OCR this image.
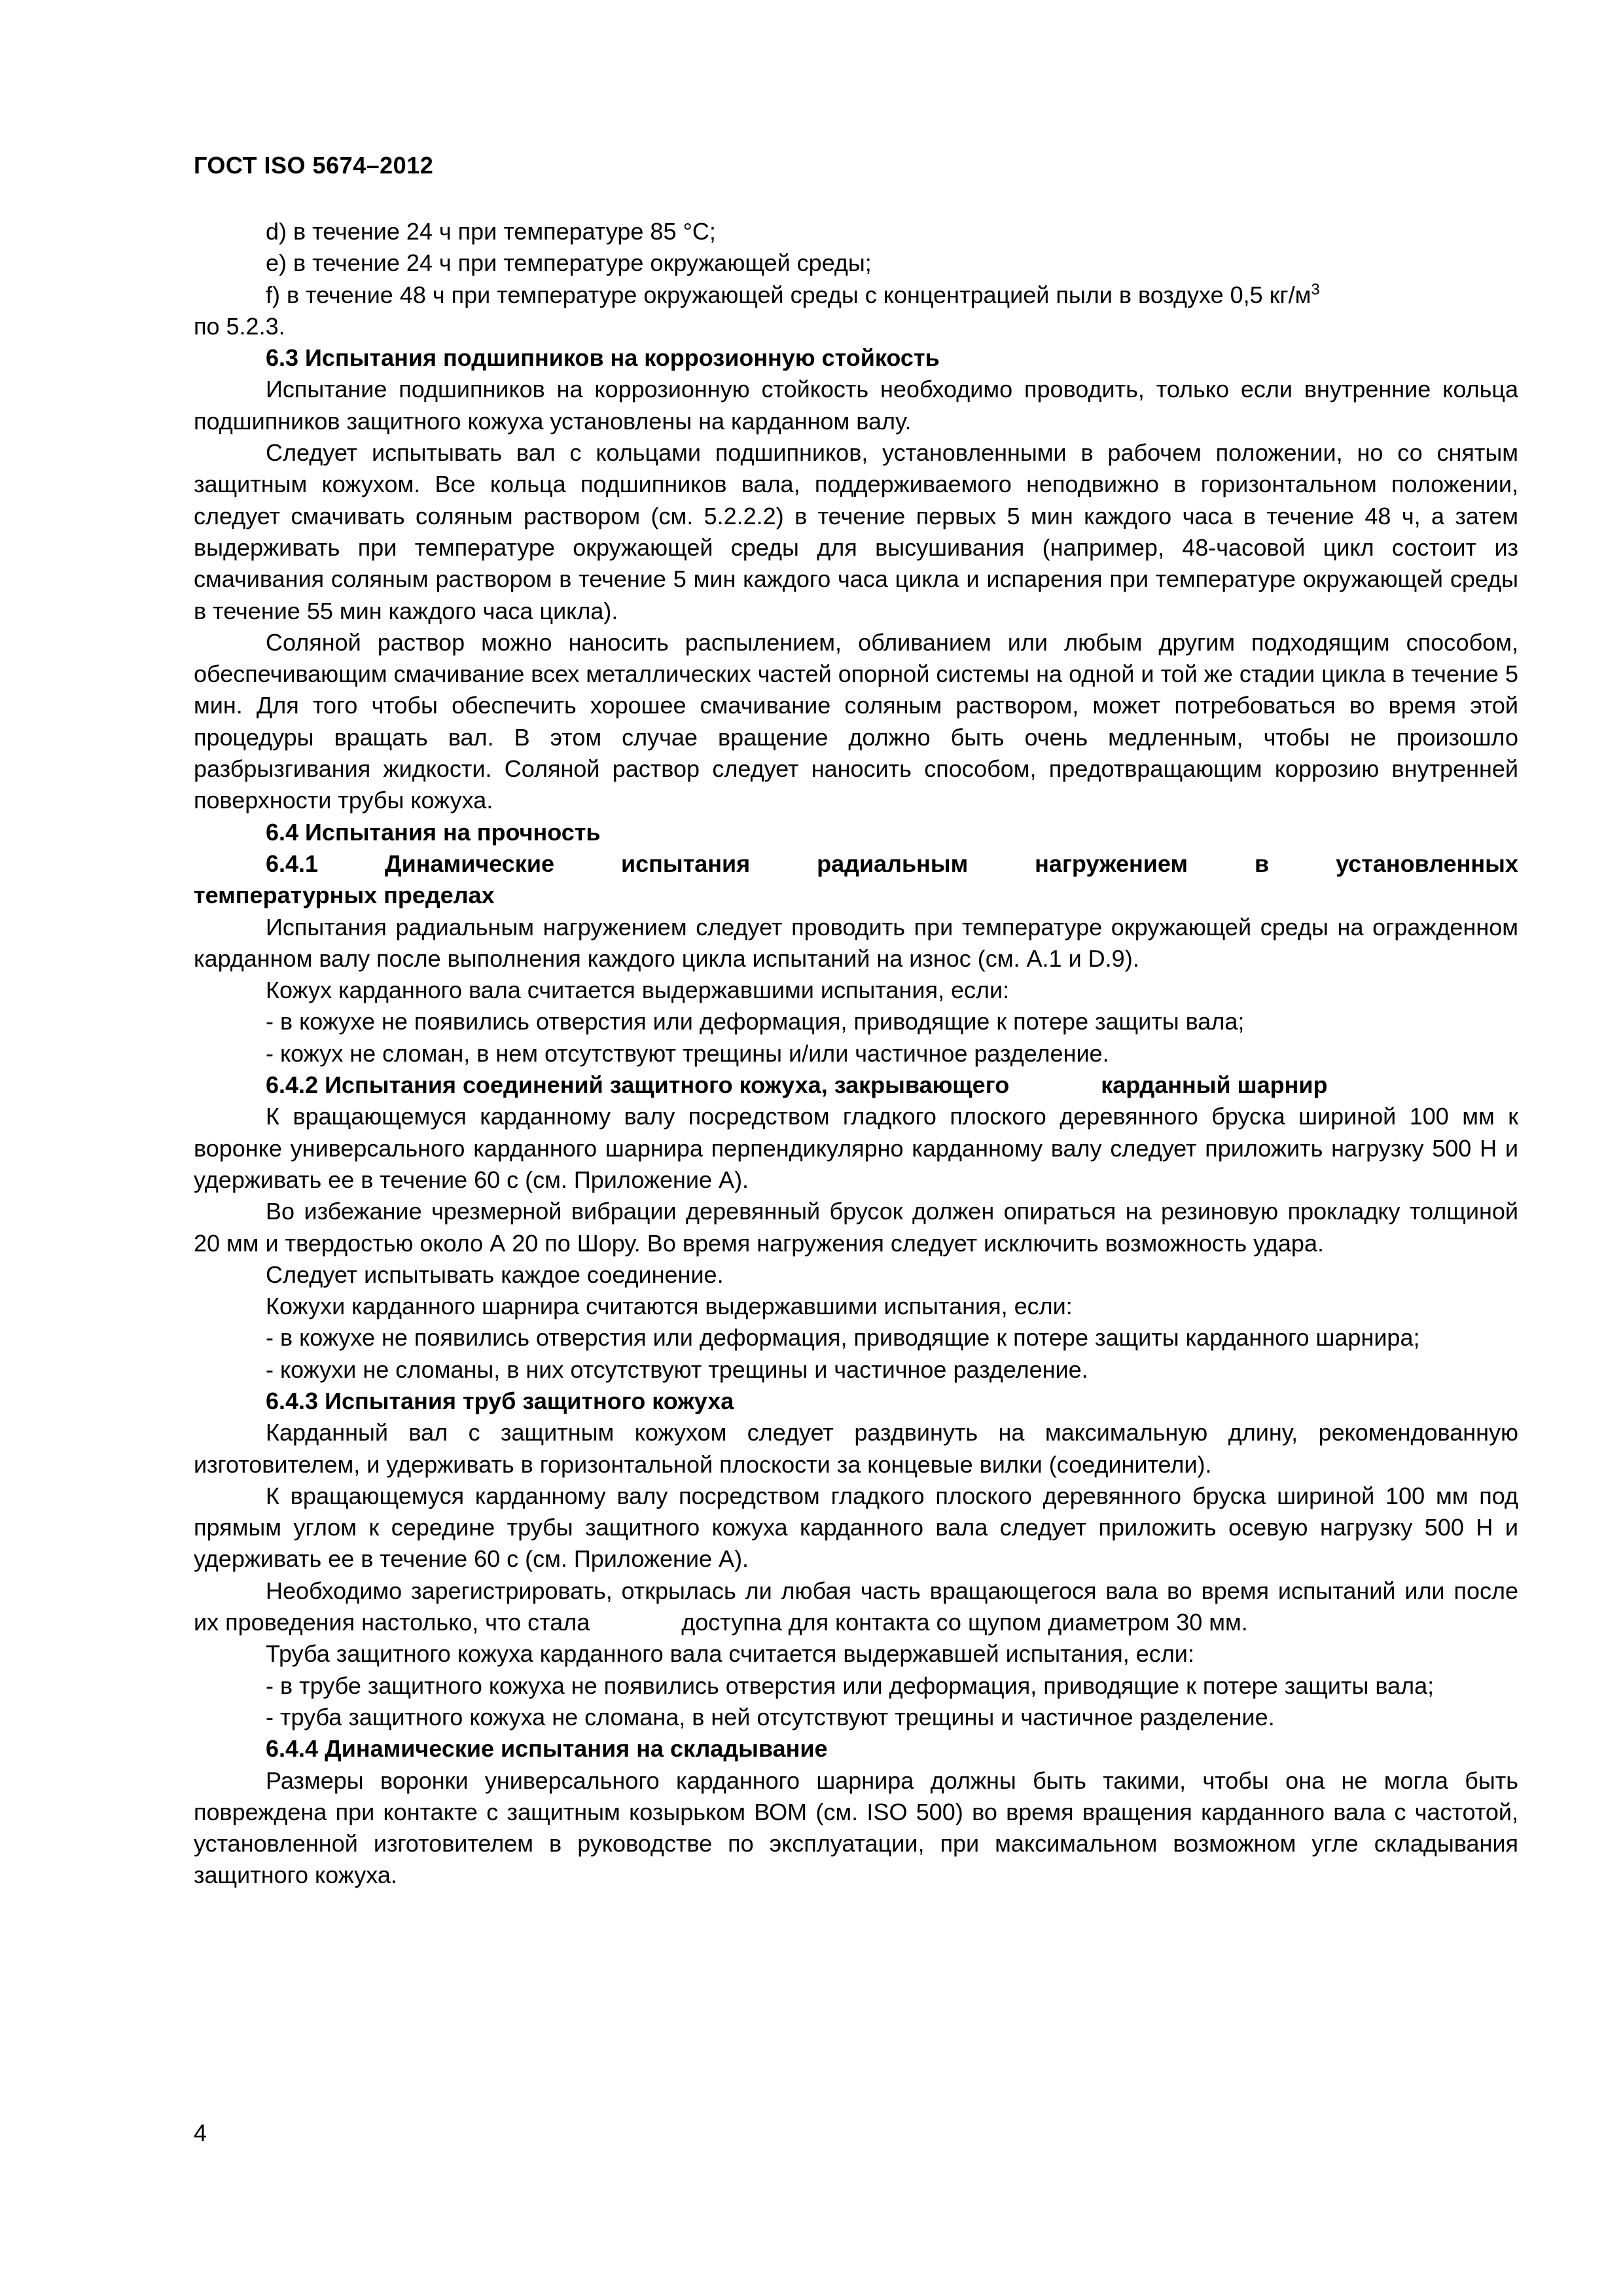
ГОСТ ISO 5674–2012

d) в течение 24 ч при температуре 85 °С;

e) в течение 24 ч при температуре окружающей среды;

f) в течение 48 ч при температуре окружающей среды с концентрацией пыли в воздухе 0,5 $кг/м^3$

по 5.2.3.

6.3 Испытания подшипников на коррозионную стойкость

Испытание подшипников на коррозионную стойкость необходимо проводить, только если внутренние кольца подшипников защитного кожуха установлены на карданном валу.

Следует испытывать вал с кольцами подшипников, установленными в рабочем положении, но со снятым защитным кожухом. Все кольца подшипников вала, поддерживаемого неподвижно в горизонтальном положении, следует смачивать соляным раствором (см. 5.2.2.2) в течение первых 5 мин каждого часа в течение 48 ч, а затем выдерживать при температуре окружающей среды для высушивания (например, 48-часовой цикл состоит из смачивания соляным раствором в течение 5 мин каждого часа цикла и испарения при температуре окружающей среды в течение 55 мин каждого часа цикла).

Соляной раствор можно наносить распылением, обливанием или любым другим подходящим способом, обеспечивающим смачивание всех металлических частей опорной системы на одной и той же стадии цикла в течение 5 мин. Для того чтобы обеспечить хорошее смачивание соляным раствором, может потребоваться во время этой процедуры вращать вал. В этом случае вращение должно быть очень медленным, чтобы не произошло разбрызгивания жидкости. Соляной раствор следует наносить способом, предотвращающим коррозию внутренней поверхности трубы кожуха.

6.4 Испытания на прочность

6.4.1	Динамические	испытания	радиальным	нагружением	в	установленных

температурных пределах

Испытания радиальным нагружением следует проводить при температуре окружающей среды на огражденном карданном валу после выполнения каждого цикла испытаний на износ (см. А.1 и D.9).

Кожух карданного вала считается выдержавшими испытания, если:

- в кожухе не появились отверстия или деформация, приводящие к потере защиты вала;

- кожух не сломан, в нем отсутствуют трещины и/или частичное разделение.

6.4.2 Испытания соединений защитного кожуха, закрывающего	карданный шарнир

К вращающемуся карданному валу посредством гладкого плоского деревянного бруска шириной 100 мм к воронке универсального карданного шарнира перпендикулярно карданному валу следует приложить нагрузку 500 Н и удерживать ее в течение 60 с (см. Приложение А).

Во избежание чрезмерной вибрации деревянный брусок должен опираться на резиновую прокладку толщиной 20 мм и твердостью около А 20 по Шору. Во время нагружения следует исключить возможность удара.

Следует испытывать каждое соединение.

Кожухи карданного шарнира считаются выдержавшими испытания, если:

- в кожухе не появились отверстия или деформация, приводящие к потере защиты карданного шарнира;

- кожухи не сломаны, в них отсутствуют трещины и частичное разделение.

6.4.3 Испытания труб защитного кожуха

Карданный вал с защитным кожухом следует раздвинуть на максимальную длину, рекомендованную изготовителем, и удерживать в горизонтальной плоскости за концевые вилки (соединители).

К вращающемуся карданному валу посредством гладкого плоского деревянного бруска шириной 100 мм под прямым углом к середине трубы защитного кожуха карданного вала следует приложить осевую нагрузку 500 Н и удерживать ее в течение 60 с (см. Приложение А).

Необходимо зарегистрировать, открылась ли любая часть вращающегося вала во время испытаний или после их проведения настолько, что стала	доступна для контакта со щупом диаметром 30 мм.

Труба защитного кожуха карданного вала считается выдержавшей испытания, если:

- в трубе защитного кожуха не появились отверстия или деформация, приводящие к потере защиты вала;

- труба защитного кожуха не сломана, в ней отсутствуют трещины и частичное разделение.

6.4.4 Динамические испытания на складывание

Размеры воронки универсального карданного шарнира должны быть такими, чтобы она не могла быть повреждена при контакте с защитным козырьком ВОМ (см. ISO 500) во время вращения карданного вала с частотой, установленной изготовителем в руководстве по эксплуатации, при максимальном возможном угле складывания защитного кожуха.

4
